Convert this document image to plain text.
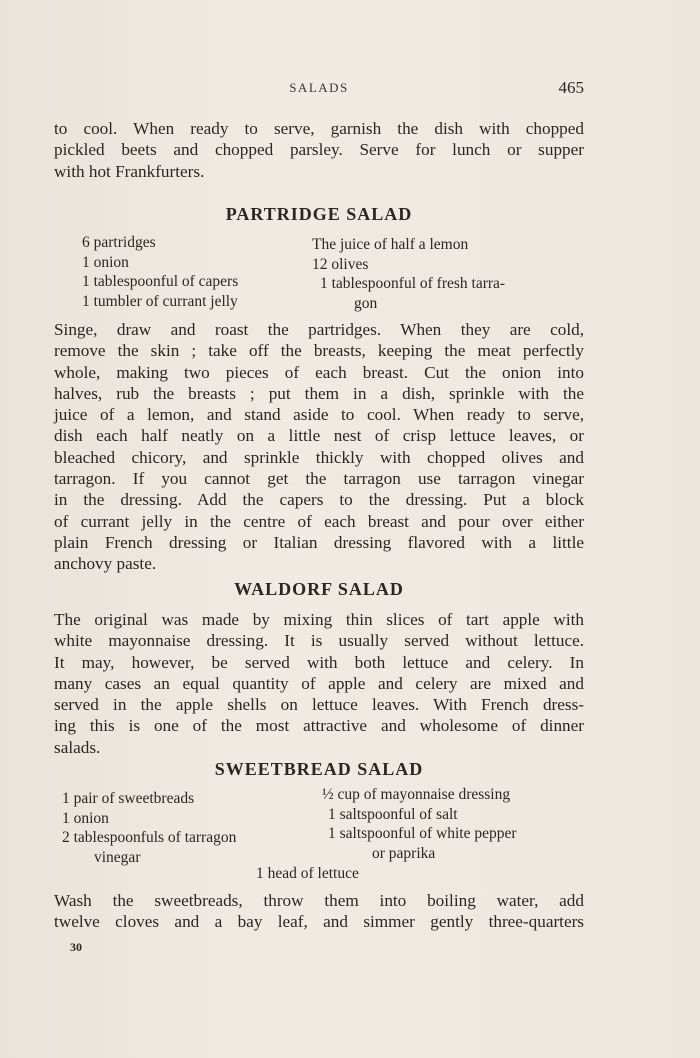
SALADS	465
to cool. When ready to serve, garnish the dish with chopped
pickled beets and chopped parsley. Serve for lunch or supper
with hot Frankfurters.
PARTRIDGE SALAD
6 partridges
1 onion
1 tablespoonful of capers
1 tumbler of currant jelly
The juice of half a lemon
12 olives
1 tablespoonful of fresh tarra-
gon
Singe, draw and roast the partridges. When they are cold,
remove the skin ; take off the breasts, keeping the meat perfectly
whole, making two pieces of each breast. Cut the onion into
halves, rub the breasts ; put them in a dish, sprinkle with the
juice of a lemon, and stand aside to cool. When ready to serve,
dish each half neatly on a little nest of crisp lettuce leaves, or
bleached chicory, and sprinkle thickly with chopped olives and
tarragon. If you cannot get the tarragon use tarragon vinegar
in the dressing. Add the capers to the dressing. Put a block
of currant jelly in the centre of each breast and pour over either
plain French dressing or Italian dressing flavored with a little
anchovy paste.
WALDORF SALAD
The original was made by mixing thin slices of tart apple with
white mayonnaise dressing. It is usually served without lettuce.
It may, however, be served with both lettuce and celery. In
many cases an equal quantity of apple and celery are mixed and
served in the apple shells on lettuce leaves. With French dress-
ing this is one of the most attractive and wholesome of dinner
salads.
SWEETBREAD SALAD
1 pair of sweetbreads
1 onion
2 tablespoonfuls of tarragon
vinegar
½ cup of mayonnaise dressing
1 saltspoonful of salt
1 saltspoonful of white pepper
or paprika
1 head of lettuce
Wash the sweetbreads, throw them into boiling water, add
twelve cloves and a bay leaf, and simmer gently three-quarters
30
